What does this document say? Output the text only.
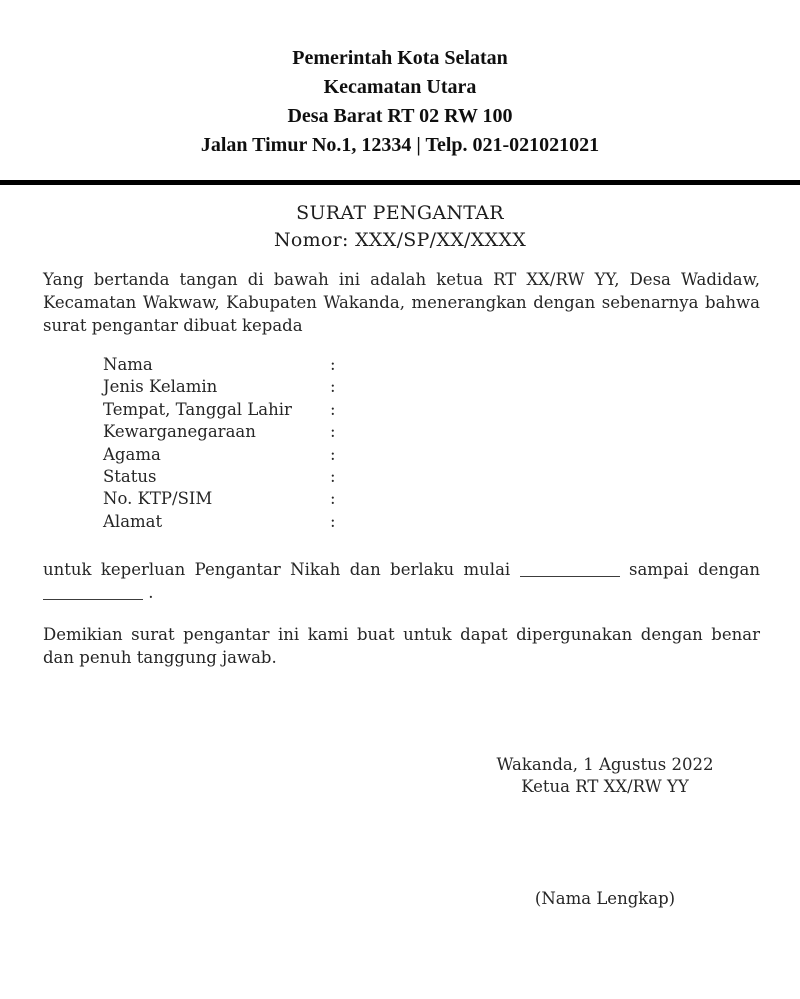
Pemerintah Kota Selatan
Kecamatan Utara
Desa Barat RT 02 RW 100
Jalan Timur No.1, 12334 | Telp. 021-021021021
SURAT PENGANTAR
Nomor: XXX/SP/XX/XXXX

Yang bertanda tangan di bawah ini adalah ketua RT XX/RW YY, Desa Wadidaw, Kecamatan Wakwaw, Kabupaten Wakanda, menerangkan dengan sebenarnya bahwa surat pengantar dibuat kepada

Nama	:
Jenis Kelamin	:
Tempat, Tanggal Lahir	:
Kewarganegaraan	:
Agama	:
Status	:
No. KTP/SIM	:
Alamat	:

untuk keperluan Pengantar Nikah dan berlaku mulai	sampai dengan  .

Demikian surat pengantar ini kami buat untuk dapat dipergunakan dengan benar dan penuh tanggung jawab.

Wakanda, 1 Agustus 2022
Ketua RT XX/RW YY
(Nama Lengkap)
